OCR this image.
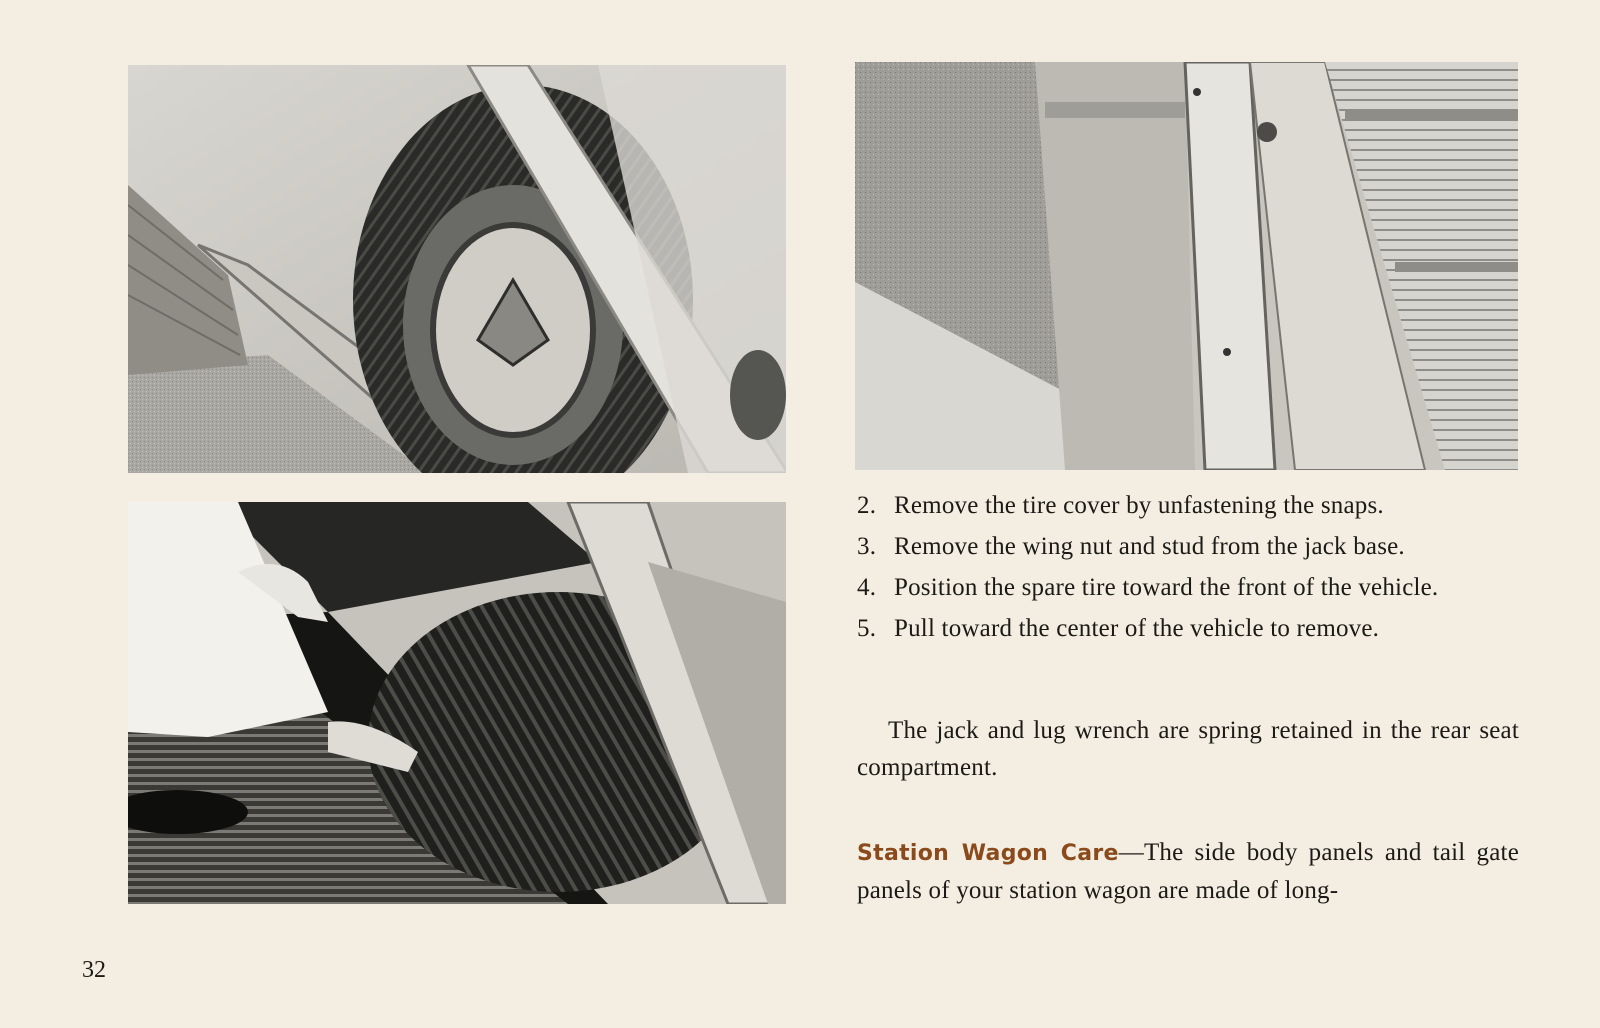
2. Remove the tire cover by unfastening the snaps.
3. Remove the wing nut and stud from the jack base.
4. Position the spare tire toward the front of the vehicle.
5. Pull toward the center of the vehicle to remove.
The jack and lug wrench are spring retained in the rear seat compartment.
Station Wagon Care—The side body panels and tail gate panels of your station wagon are made of long-
32
